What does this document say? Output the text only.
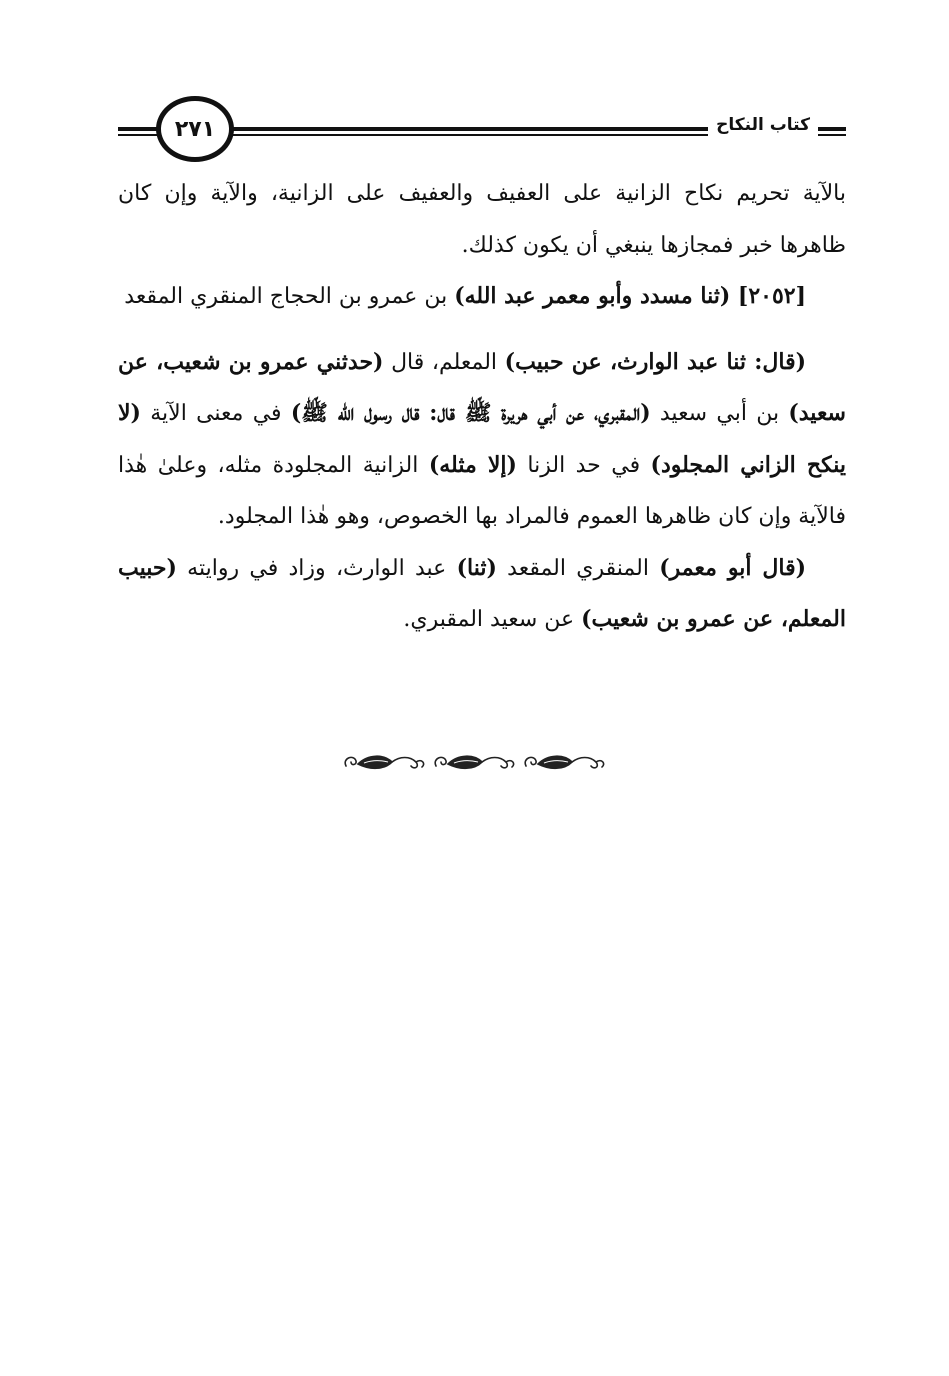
كتاب النكاح
٢٧١

بالآية تحريم نكاح الزانية على العفيف والعفيف على الزانية، والآية وإن كان ظاهرها خبر فمجازها ينبغي أن يكون كذلك.

[٢٠٥٢] (ثنا مسدد وأبو معمر عبد الله) بن عمرو بن الحجاج المنقري المقعد

(قال: ثنا عبد الوارث، عن حبيب) المعلم، قال (حدثني عمرو بن شعيب، عن سعيد) بن أبي سعيد (المقبري، عن أبي هريرة ﷺ قال: قال رسول الله ﷺ) في معنى الآية (لا ينكح الزاني المجلود) في حد الزنا (إلا مثله) الزانية المجلودة مثله، وعلىٰ هٰذا فالآية وإن كان ظاهرها العموم فالمراد بها الخصوص، وهو هٰذا المجلود.

(قال أبو معمر) المنقري المقعد (ثنا) عبد الوارث، وزاد في روايته (حبيب المعلم، عن عمرو بن شعيب) عن سعيد المقبري.
